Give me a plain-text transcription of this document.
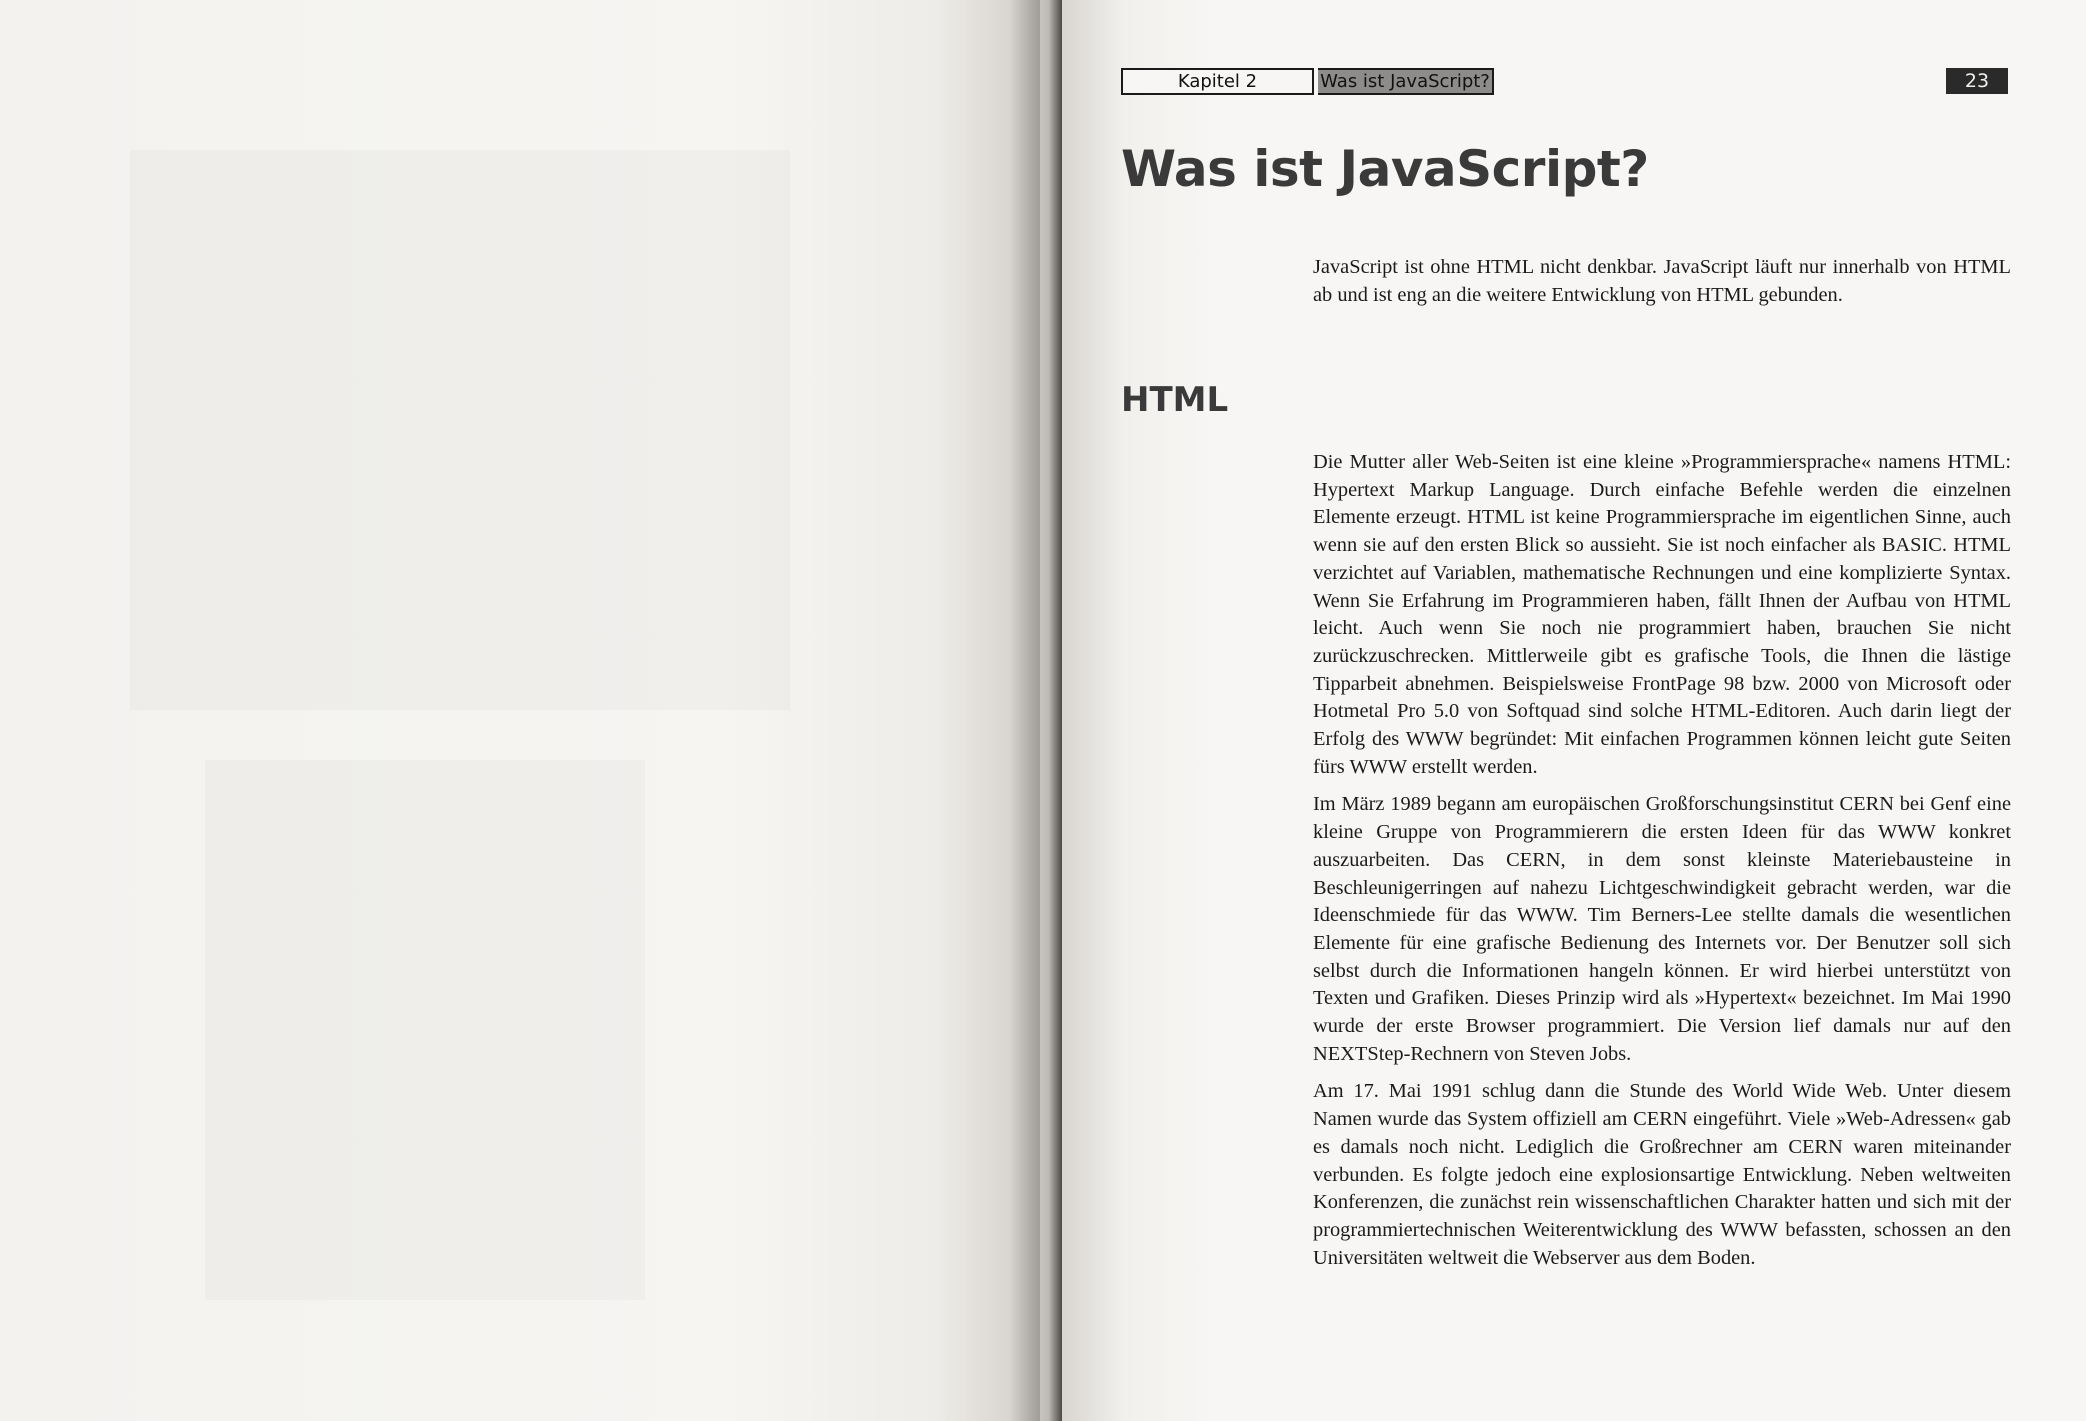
Kapitel 2	Was ist JavaScript?	23
Was ist JavaScript?

JavaScript ist ohne HTML nicht denkbar. JavaScript läuft nur innerhalb von HTML ab und ist eng an die weitere Entwicklung von HTML gebunden.

HTML

Die Mutter aller Web-Seiten ist eine kleine »Programmiersprache« namens HTML: Hypertext Markup Language. Durch einfache Befehle werden die einzelnen Elemente erzeugt. HTML ist keine Programmiersprache im eigentlichen Sinne, auch wenn sie auf den ersten Blick so aussieht. Sie ist noch einfacher als BASIC. HTML verzichtet auf Variablen, mathematische Rechnungen und eine komplizierte Syntax. Wenn Sie Erfahrung im Programmieren haben, fällt Ihnen der Aufbau von HTML leicht. Auch wenn Sie noch nie programmiert haben, brauchen Sie nicht zurückzuschrecken. Mittlerweile gibt es grafische Tools, die Ihnen die lästige Tipparbeit abnehmen. Beispielsweise FrontPage 98 bzw. 2000 von Microsoft oder Hotmetal Pro 5.0 von Softquad sind solche HTML-Editoren. Auch darin liegt der Erfolg des WWW begründet: Mit einfachen Programmen können leicht gute Seiten fürs WWW erstellt werden.

Im März 1989 begann am europäischen Großforschungsinstitut CERN bei Genf eine kleine Gruppe von Programmierern die ersten Ideen für das WWW konkret auszuarbeiten. Das CERN, in dem sonst kleinste Materiebausteine in Beschleunigerringen auf nahezu Lichtgeschwindigkeit gebracht werden, war die Ideenschmiede für das WWW. Tim Berners-Lee stellte damals die wesentlichen Elemente für eine grafische Bedienung des Internets vor. Der Benutzer soll sich selbst durch die Informationen hangeln können. Er wird hierbei unterstützt von Texten und Grafiken. Dieses Prinzip wird als »Hypertext« bezeichnet. Im Mai 1990 wurde der erste Browser programmiert. Die Version lief damals nur auf den NEXTStep-Rechnern von Steven Jobs.

Am 17. Mai 1991 schlug dann die Stunde des World Wide Web. Unter diesem Namen wurde das System offiziell am CERN eingeführt. Viele »Web-Adressen« gab es damals noch nicht. Lediglich die Großrechner am CERN waren miteinander verbunden. Es folgte jedoch eine explosionsartige Entwicklung. Neben weltweiten Konferenzen, die zunächst rein wissenschaftlichen Charakter hatten und sich mit der programmiertechnischen Weiterentwicklung des WWW befassten, schossen an den Universitäten weltweit die Webserver aus dem Boden.
